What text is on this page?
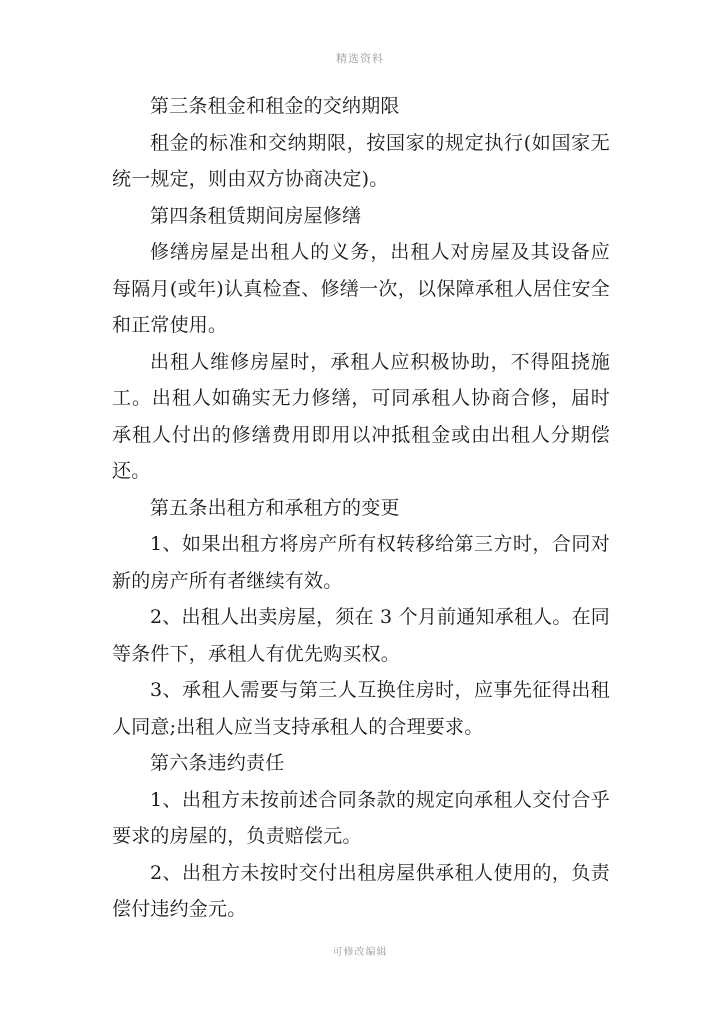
精选资料

第三条租金和租金的交纳期限

租金的标准和交纳期限，按国家的规定执行(如国家无统一规定，则由双方协商决定)。

第四条租赁期间房屋修缮

修缮房屋是出租人的义务，出租人对房屋及其设备应每隔月(或年)认真检查、修缮一次，以保障承租人居住安全和正常使用。

出租人维修房屋时，承租人应积极协助，不得阻挠施工。出租人如确实无力修缮，可同承租人协商合修，届时承租人付出的修缮费用即用以冲抵租金或由出租人分期偿还。

第五条出租方和承租方的变更

1、如果出租方将房产所有权转移给第三方时，合同对新的房产所有者继续有效。

2、出租人出卖房屋，须在 3 个月前通知承租人。在同等条件下，承租人有优先购买权。

3、承租人需要与第三人互换住房时，应事先征得出租人同意;出租人应当支持承租人的合理要求。

第六条违约责任

1、出租方未按前述合同条款的规定向承租人交付合乎要求的房屋的，负责赔偿元。

2、出租方未按时交付出租房屋供承租人使用的，负责偿付违约金元。

可修改编辑
